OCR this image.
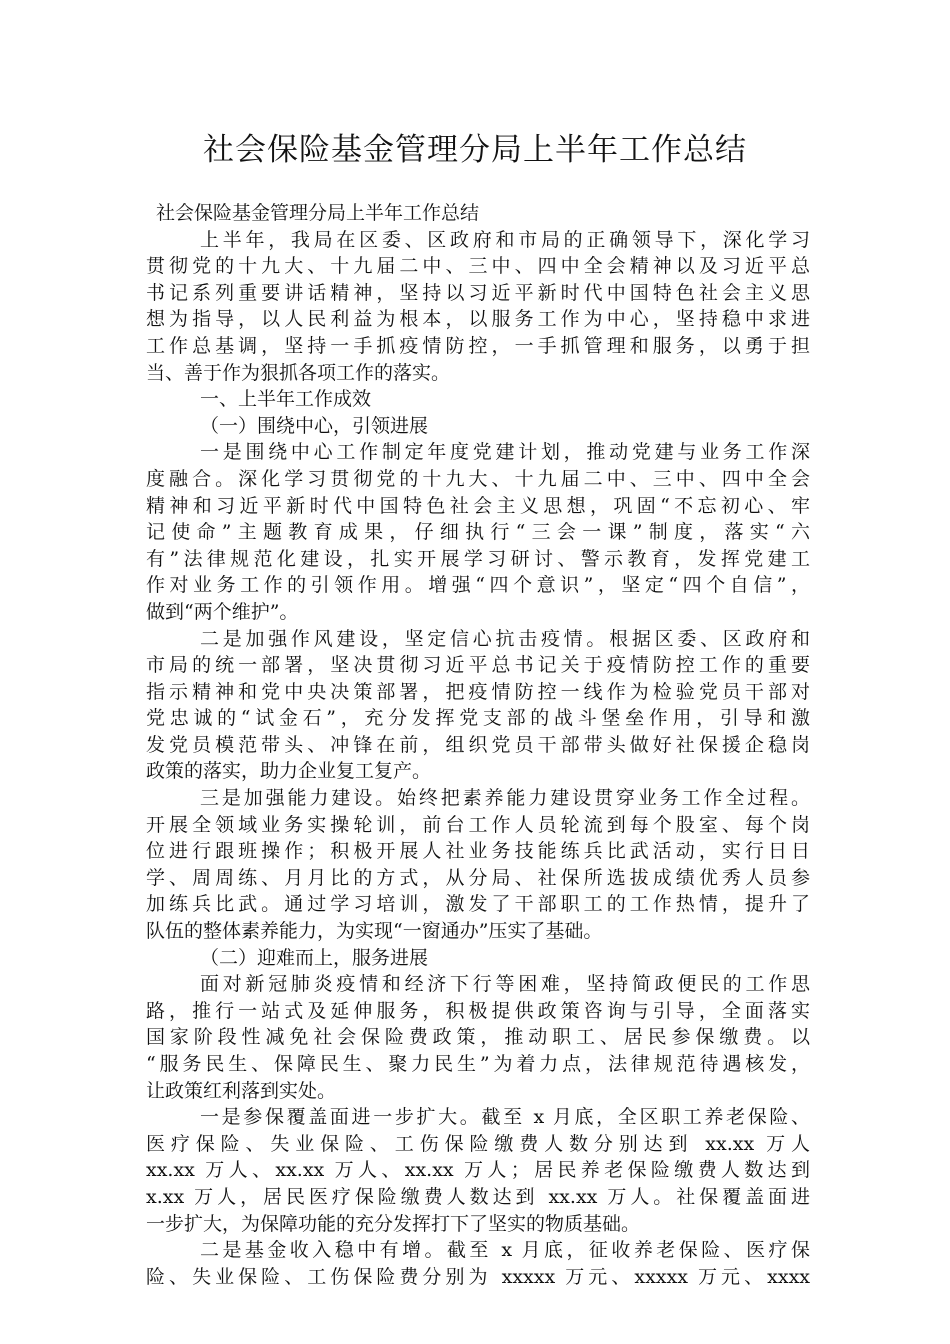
社会保险基金管理分局上半年工作总结
社会保险基金管理分局上半年工作总结
上半年，我局在区委、区政府和市局的正确领导下，深化学习
贯彻党的十九大、十九届二中、三中、四中全会精神以及习近平总
书记系列重要讲话精神，坚持以习近平新时代中国特色社会主义思
想为指导，以人民利益为根本，以服务工作为中心，坚持稳中求进
工作总基调，坚持一手抓疫情防控，一手抓管理和服务，以勇于担
当、善于作为狠抓各项工作的落实。
一、上半年工作成效
（一）围绕中心，引领进展
一是围绕中心工作制定年度党建计划，推动党建与业务工作深
度融合。深化学习贯彻党的十九大、十九届二中、三中、四中全会
精神和习近平新时代中国特色社会主义思想，巩固“不忘初心、牢
记使命”主题教育成果，仔细执行“三会一课”制度，落实“六
有”法律规范化建设，扎实开展学习研讨、警示教育，发挥党建工
作对业务工作的引领作用。增强“四个意识”，坚定“四个自信”，
做到“两个维护”。
二是加强作风建设，坚定信心抗击疫情。根据区委、区政府和
市局的统一部署，坚决贯彻习近平总书记关于疫情防控工作的重要
指示精神和党中央决策部署，把疫情防控一线作为检验党员干部对
党忠诚的“试金石”，充分发挥党支部的战斗堡垒作用，引导和激
发党员模范带头、冲锋在前，组织党员干部带头做好社保援企稳岗
政策的落实，助力企业复工复产。
三是加强能力建设。始终把素养能力建设贯穿业务工作全过程。
开展全领域业务实操轮训，前台工作人员轮流到每个股室、每个岗
位进行跟班操作；积极开展人社业务技能练兵比武活动，实行日日
学、周周练、月月比的方式，从分局、社保所选拔成绩优秀人员参
加练兵比武。通过学习培训，激发了干部职工的工作热情，提升了
队伍的整体素养能力，为实现“一窗通办”压实了基础。
（二）迎难而上，服务进展
面对新冠肺炎疫情和经济下行等困难，坚持简政便民的工作思
路，推行一站式及延伸服务，积极提供政策咨询与引导，全面落实
国家阶段性减免社会保险费政策，推动职工、居民参保缴费。以
“服务民生、保障民生、聚力民生”为着力点，法律规范待遇核发，
让政策红利落到实处。
一是参保覆盖面进一步扩大。截至 x 月底，全区职工养老保险、
医疗保险、失业保险、工伤保险缴费人数分别达到 xx.xx 万人
xx.xx 万人、xx.xx 万人、xx.xx 万人；居民养老保险缴费人数达到
x.xx 万人，居民医疗保险缴费人数达到 xx.xx 万人。社保覆盖面进
一步扩大，为保障功能的充分发挥打下了坚实的物质基础。
二是基金收入稳中有增。截至 x 月底，征收养老保险、医疗保
险、失业保险、工伤保险费分别为 xxxxx 万元、xxxxx 万元、xxxx
